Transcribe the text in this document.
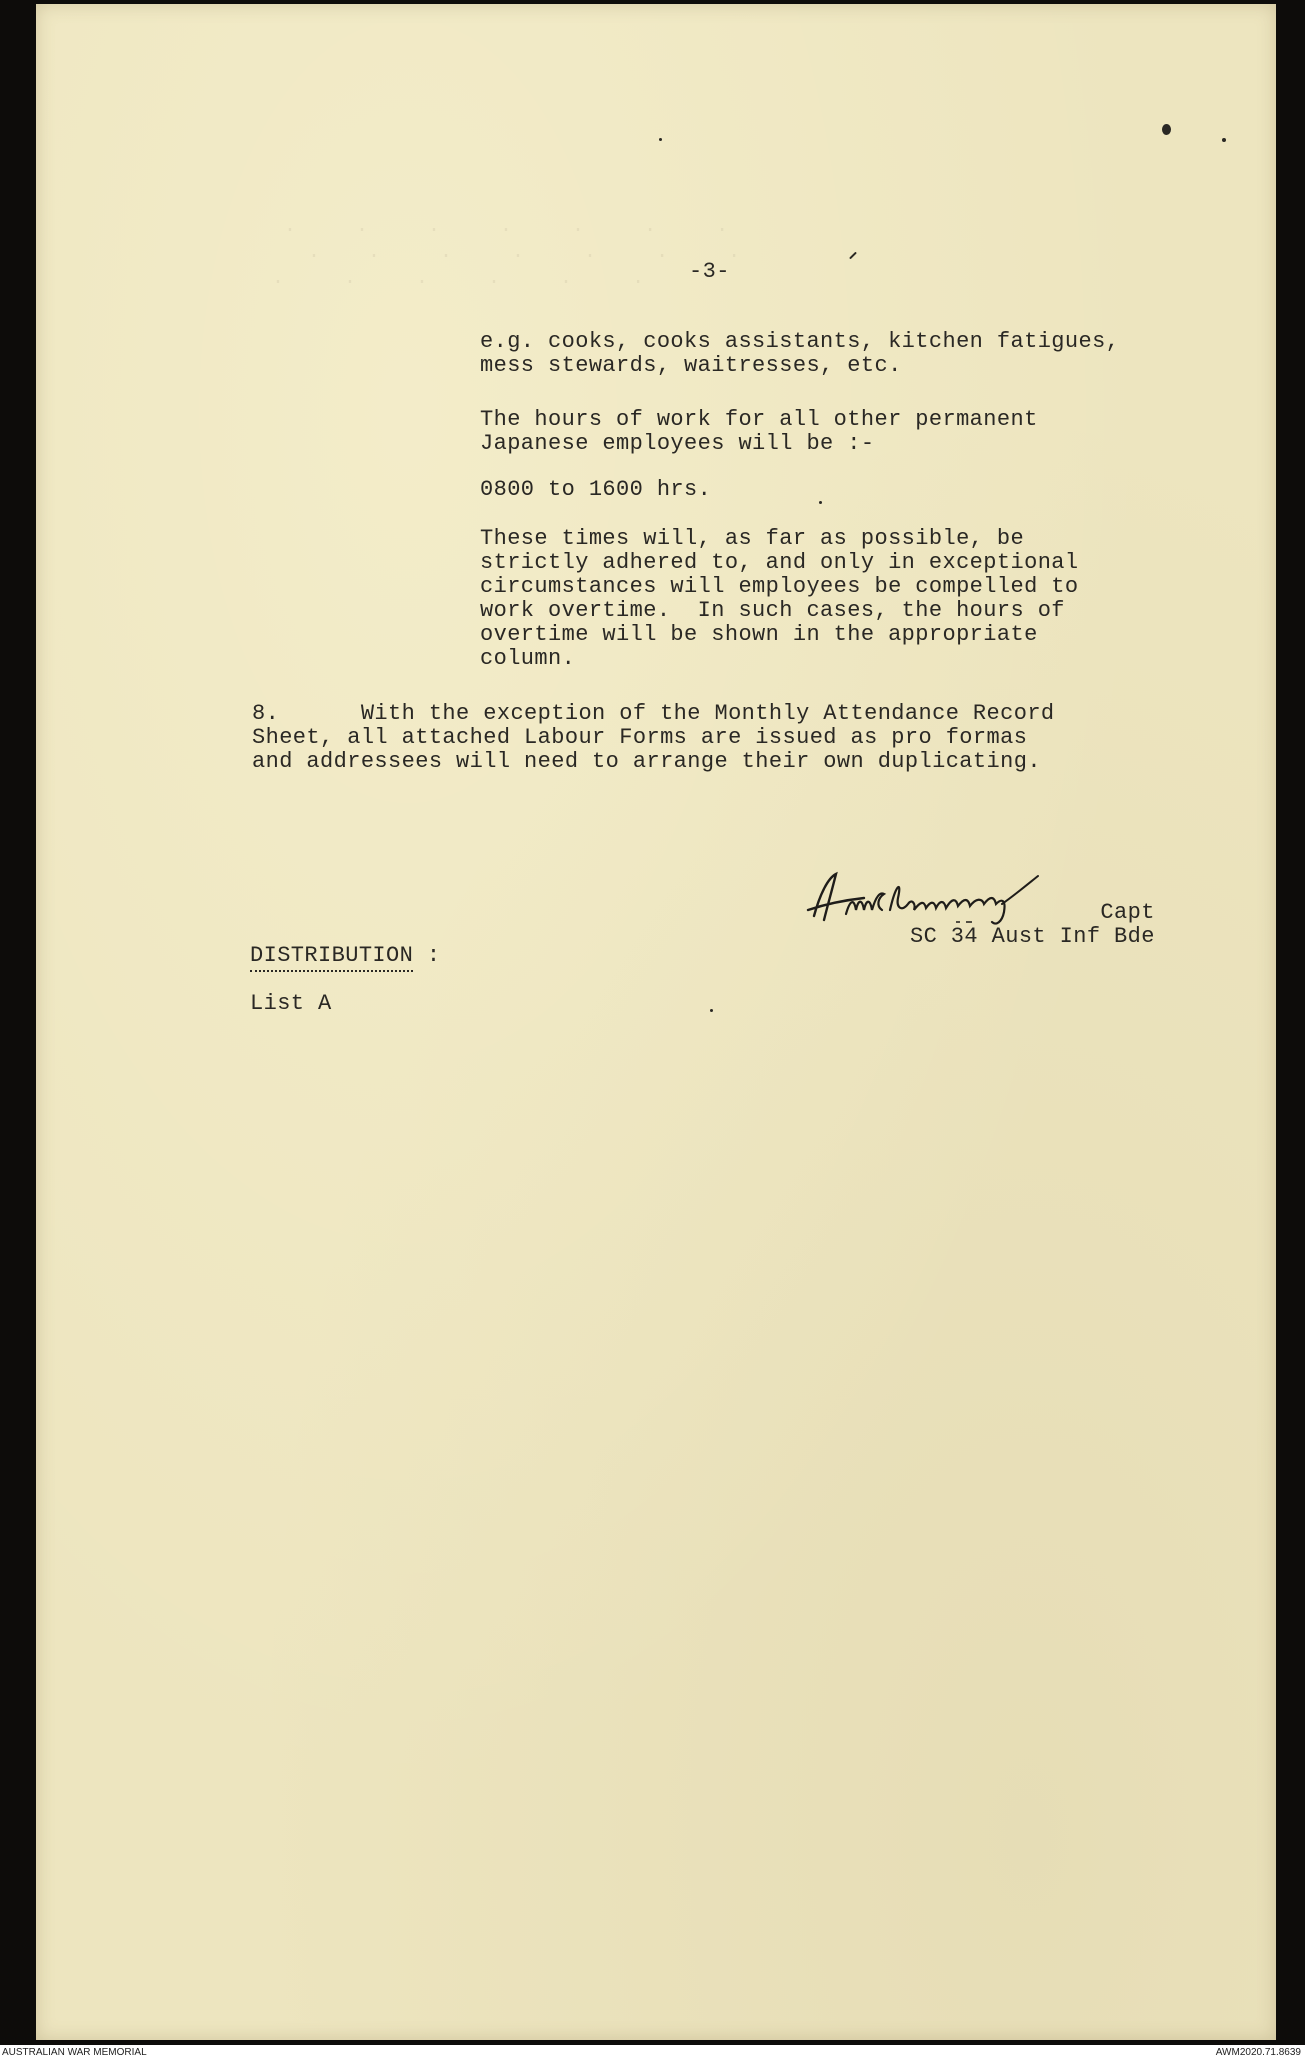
.     .     .     .     .     .     .
.    .     .     .     .     .     .
.     .     .     .     .     .	-3-
e.g. cooks, cooks assistants, kitchen fatigues,
mess stewards, waitresses, etc.
The hours of work for all other permanent
Japanese employees will be :-
0800 to 1600 hrs.
These times will, as far as possible, be
strictly adhered to, and only in exceptional
circumstances will employees be compelled to
work overtime.  In such cases, the hours of
overtime will be shown in the appropriate
column.
8.      With the exception of the Monthly Attendance Record
Sheet, all attached Labour Forms are issued as pro formas
and addressees will need to arrange their own duplicating.
Capt
SC 34 Aust Inf Bde
DISTRIBUTION :
List A
AUSTRALIAN WAR MEMORIAL	AWM2020.71.8639
